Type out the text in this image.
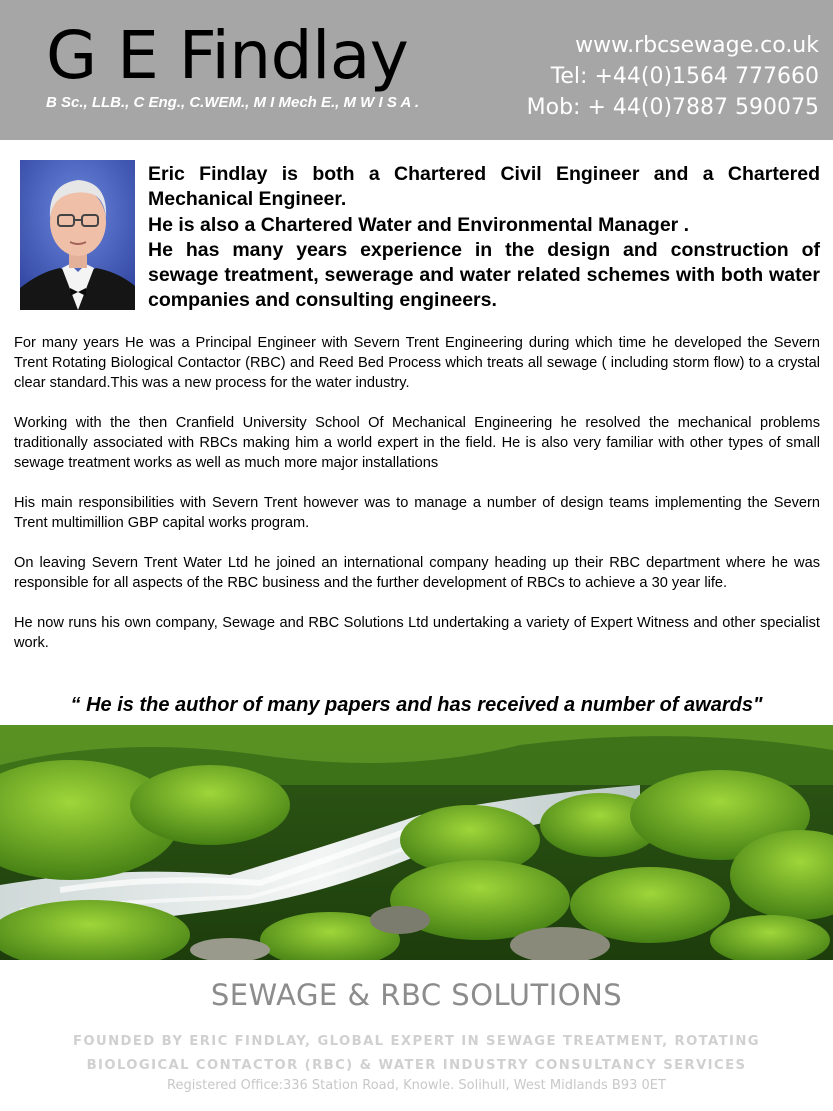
G E Findlay
B Sc., LLB., C Eng., C.WEM., M I Mech E., M W I S A .
www.rbcsewage.co.uk
Tel: +44(0)1564 777660
Mob: + 44(0)7887 590075

Eric Findlay is both a Chartered Civil Engineer and a Chartered Mechanical Engineer.

He is also a Chartered Water and Environmental Manager .

He has many years experience in the design and construction of sewage treatment, sewerage and water related schemes with both water companies and consulting engineers.

For many years He was a Principal Engineer with Severn Trent Engineering during which time he developed the Severn Trent Rotating Biological Contactor (RBC) and Reed Bed Process which treats all sewage ( including storm flow) to a crystal clear standard.This was a new process for the water industry.

Working with the then Cranfield University School Of Mechanical Engineering he resolved the mechanical problems traditionally associated with RBCs making him a world expert in the field. He is also very familiar with other types of small sewage treatment works as well as much more major installations

His main responsibilities with Severn Trent however was to manage a number of design teams implementing the Severn Trent multimillion GBP capital works program.

On leaving Severn Trent Water Ltd he joined an international company heading up their RBC department where he was responsible for all aspects of the RBC business and the further development of RBCs to achieve a 30 year life.

He now runs his own company, Sewage and RBC Solutions Ltd undertaking a variety of Expert Witness and other specialist work.

“ He is the author of many papers and has received a number of awards"
SEWAGE & RBC SOLUTIONS
FOUNDED BY ERIC FINDLAY, GLOBAL EXPERT IN SEWAGE TREATMENT, ROTATING BIOLOGICAL CONTACTOR (RBC) & WATER INDUSTRY CONSULTANCY SERVICES
Registered Office:336 Station Road, Knowle. Solihull, West Midlands B93 0ET
